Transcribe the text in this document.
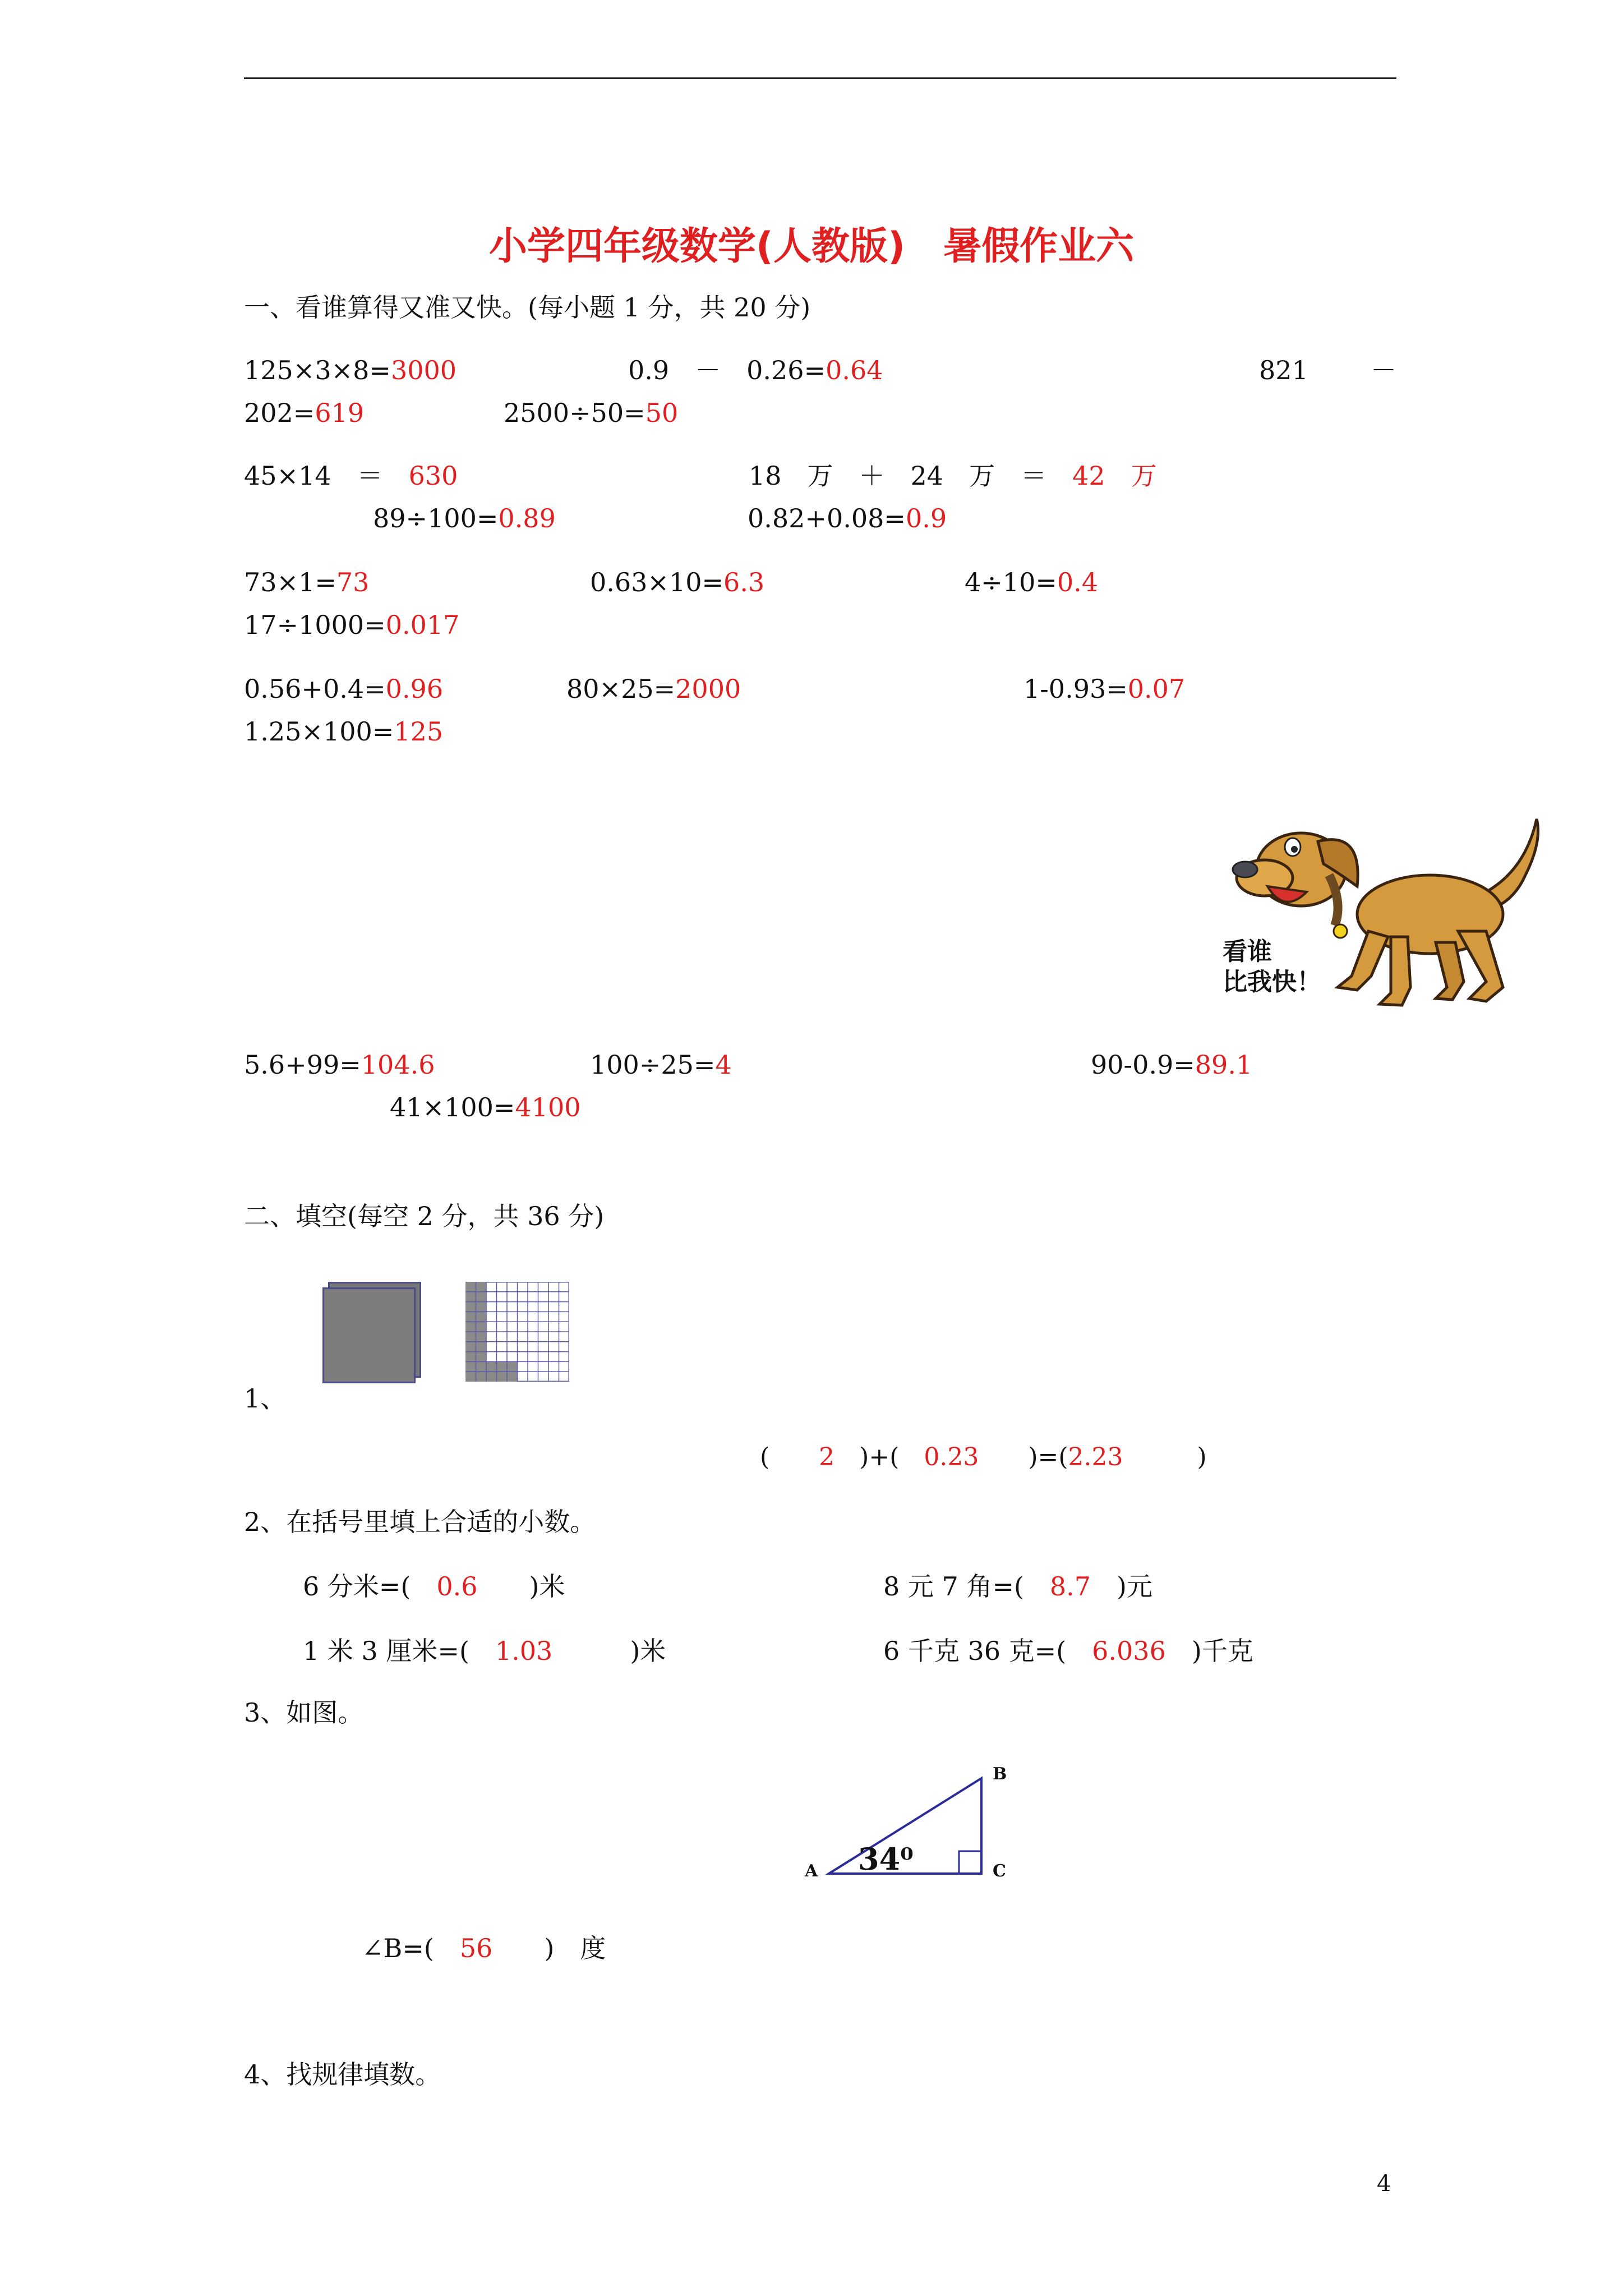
小学四年级数学(人教版)　暑假作业六
一、看谁算得又准又快。(每小题 1 分，共 20 分)
125×3×8=3000	0.9　－　0.26=0.64	821　－
202=619	2500÷50=50
45×14　＝　630	18　万　＋　24　万　＝　42　万
89÷100=0.89	0.82+0.08=0.9
73×1=73	0.63×10=6.3	4÷10=0.4
17÷1000=0.017
0.56+0.4=0.96	80×25=2000	1-0.93=0.07
1.25×100=125
看谁
比我快！
5.6+99=104.6	100÷25=4	90-0.9=89.1
41×100=4100
二、填空(每空 2 分，共 36 分)
1、
(　　2　)+(　0.23　　)=(2.23　　　)
2、在括号里填上合适的小数。
6 分米=(　 0.6　　 )米	8 元 7 角=(　 8.7　 )元
1 米 3 厘米=(　 1.03　　　	)米	6 千克 36 克=(　 6.036　 )千克
3、如图。
A
B
C
34⁰
∠B=(　 56　　 )　度
4、找规律填数。
4
